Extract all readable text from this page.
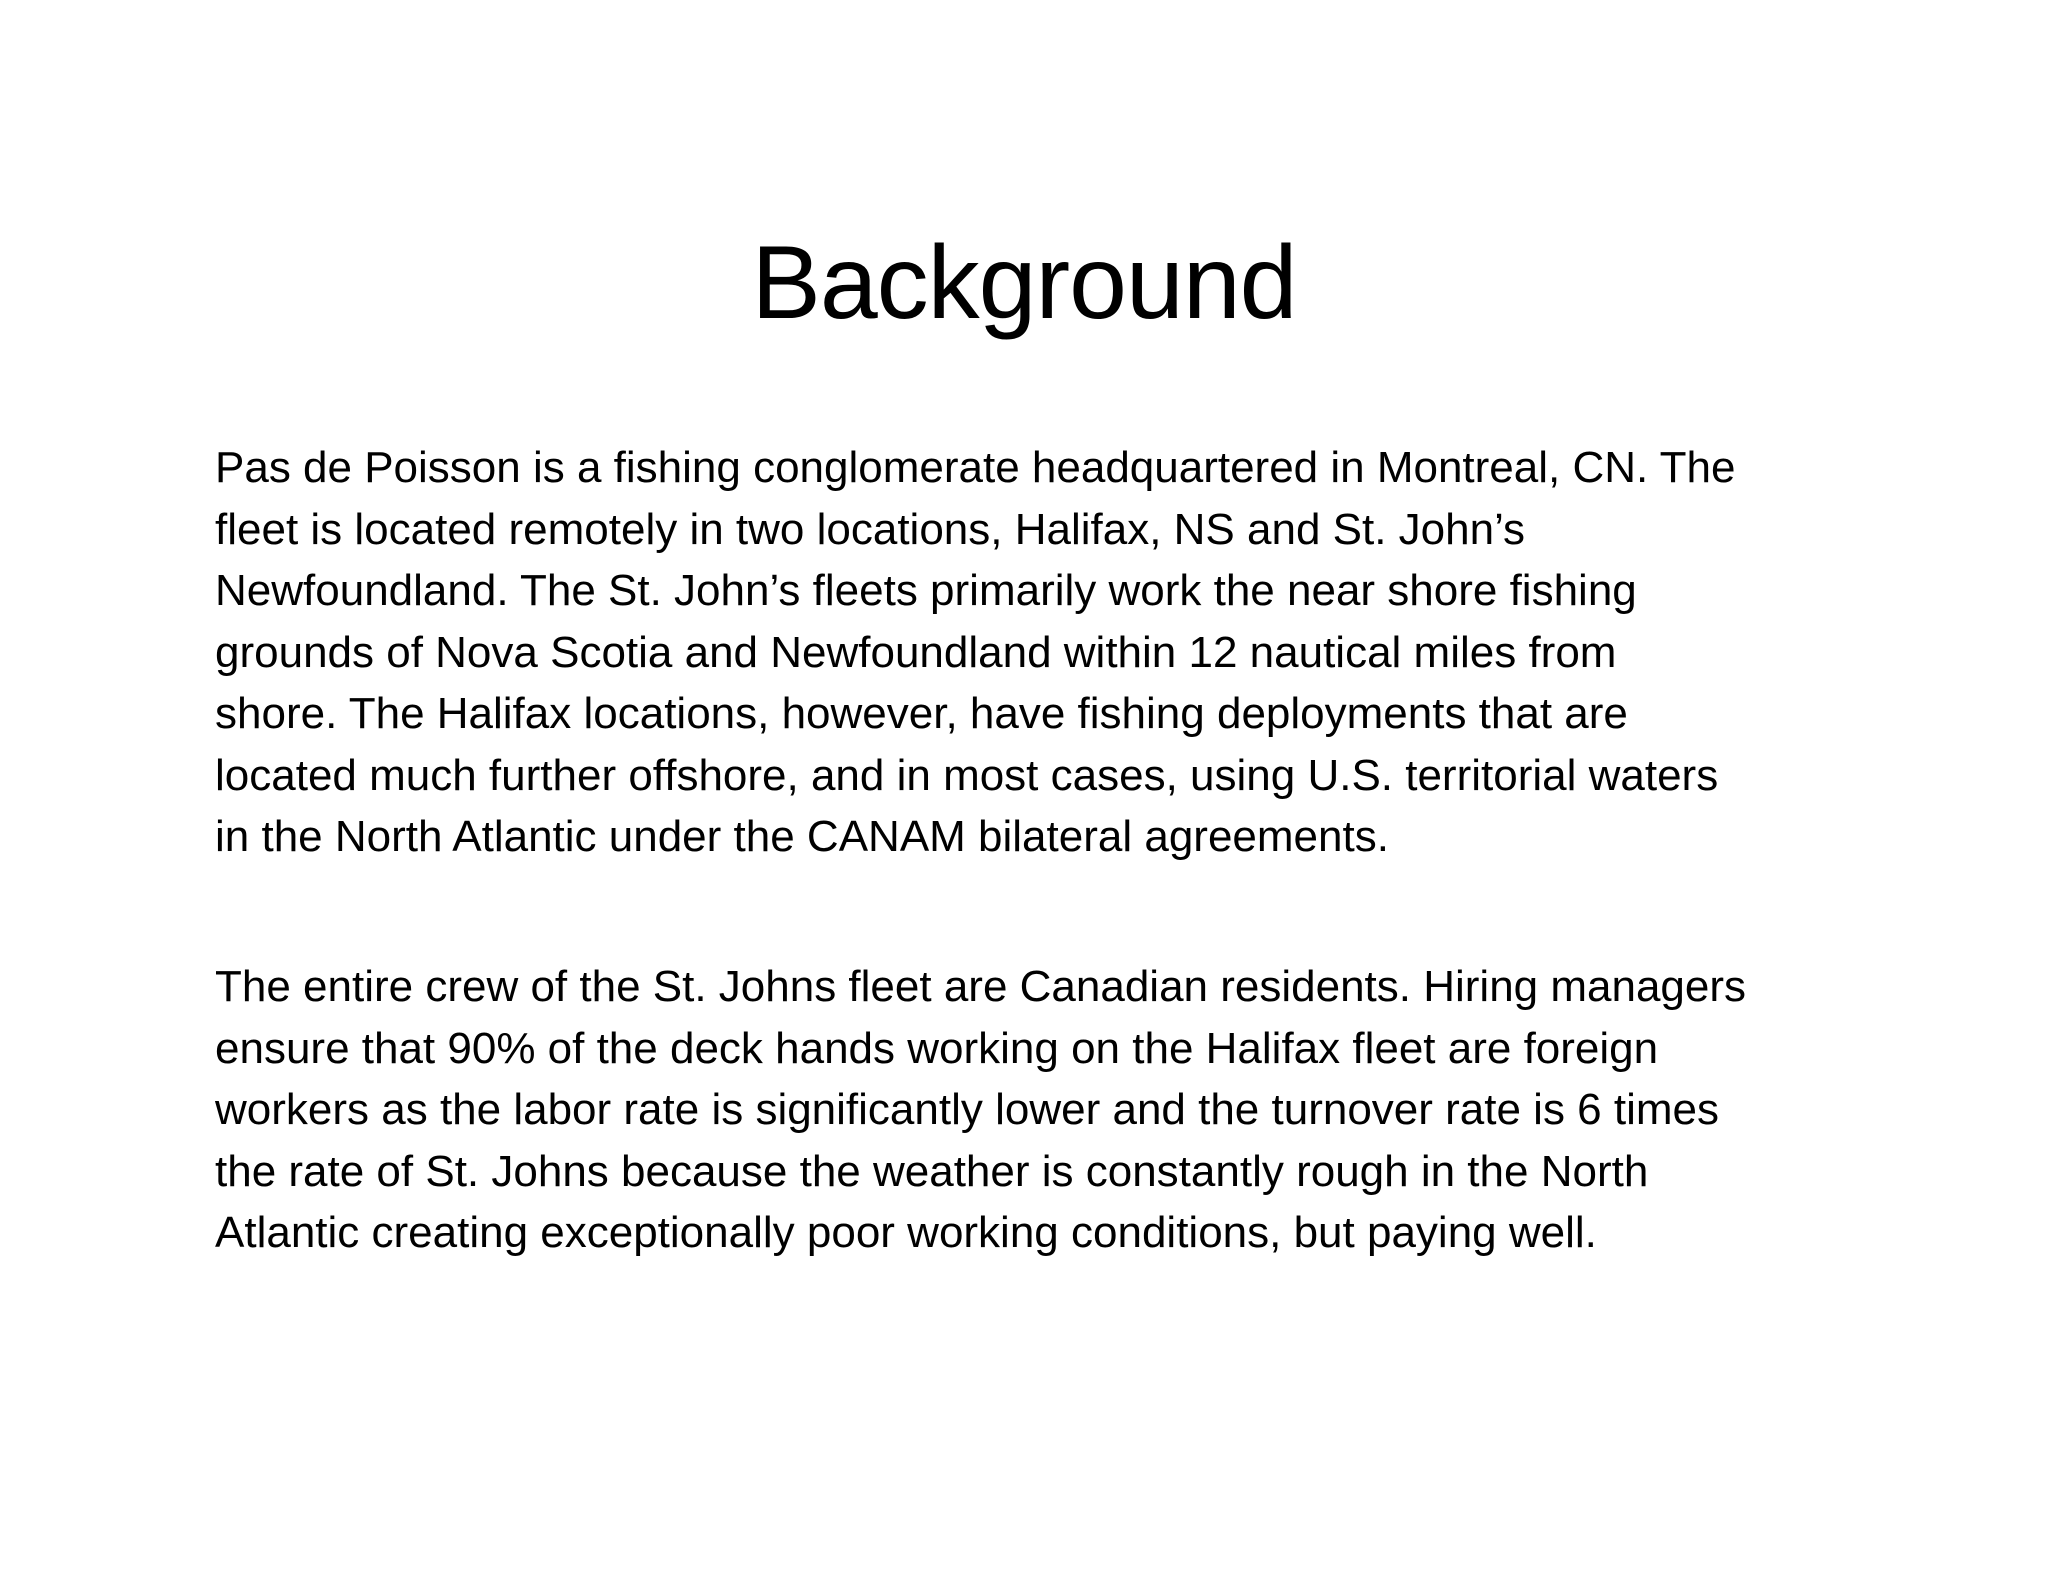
Background

Pas de Poisson is a fishing conglomerate headquartered in Montreal, CN. The
fleet is located remotely in two locations, Halifax, NS and St. John’s
Newfoundland. The St. John’s fleets primarily work the near shore fishing
grounds of Nova Scotia and Newfoundland within 12 nautical miles from
shore. The Halifax locations, however, have fishing deployments that are
located much further offshore, and in most cases, using U.S. territorial waters
in the North Atlantic under the CANAM bilateral agreements.

The entire crew of the St. Johns fleet are Canadian residents. Hiring managers
ensure that 90% of the deck hands working on the Halifax fleet are foreign
workers as the labor rate is significantly lower and the turnover rate is 6 times
the rate of St. Johns because the weather is constantly rough in the North
Atlantic creating exceptionally poor working conditions, but paying well.
